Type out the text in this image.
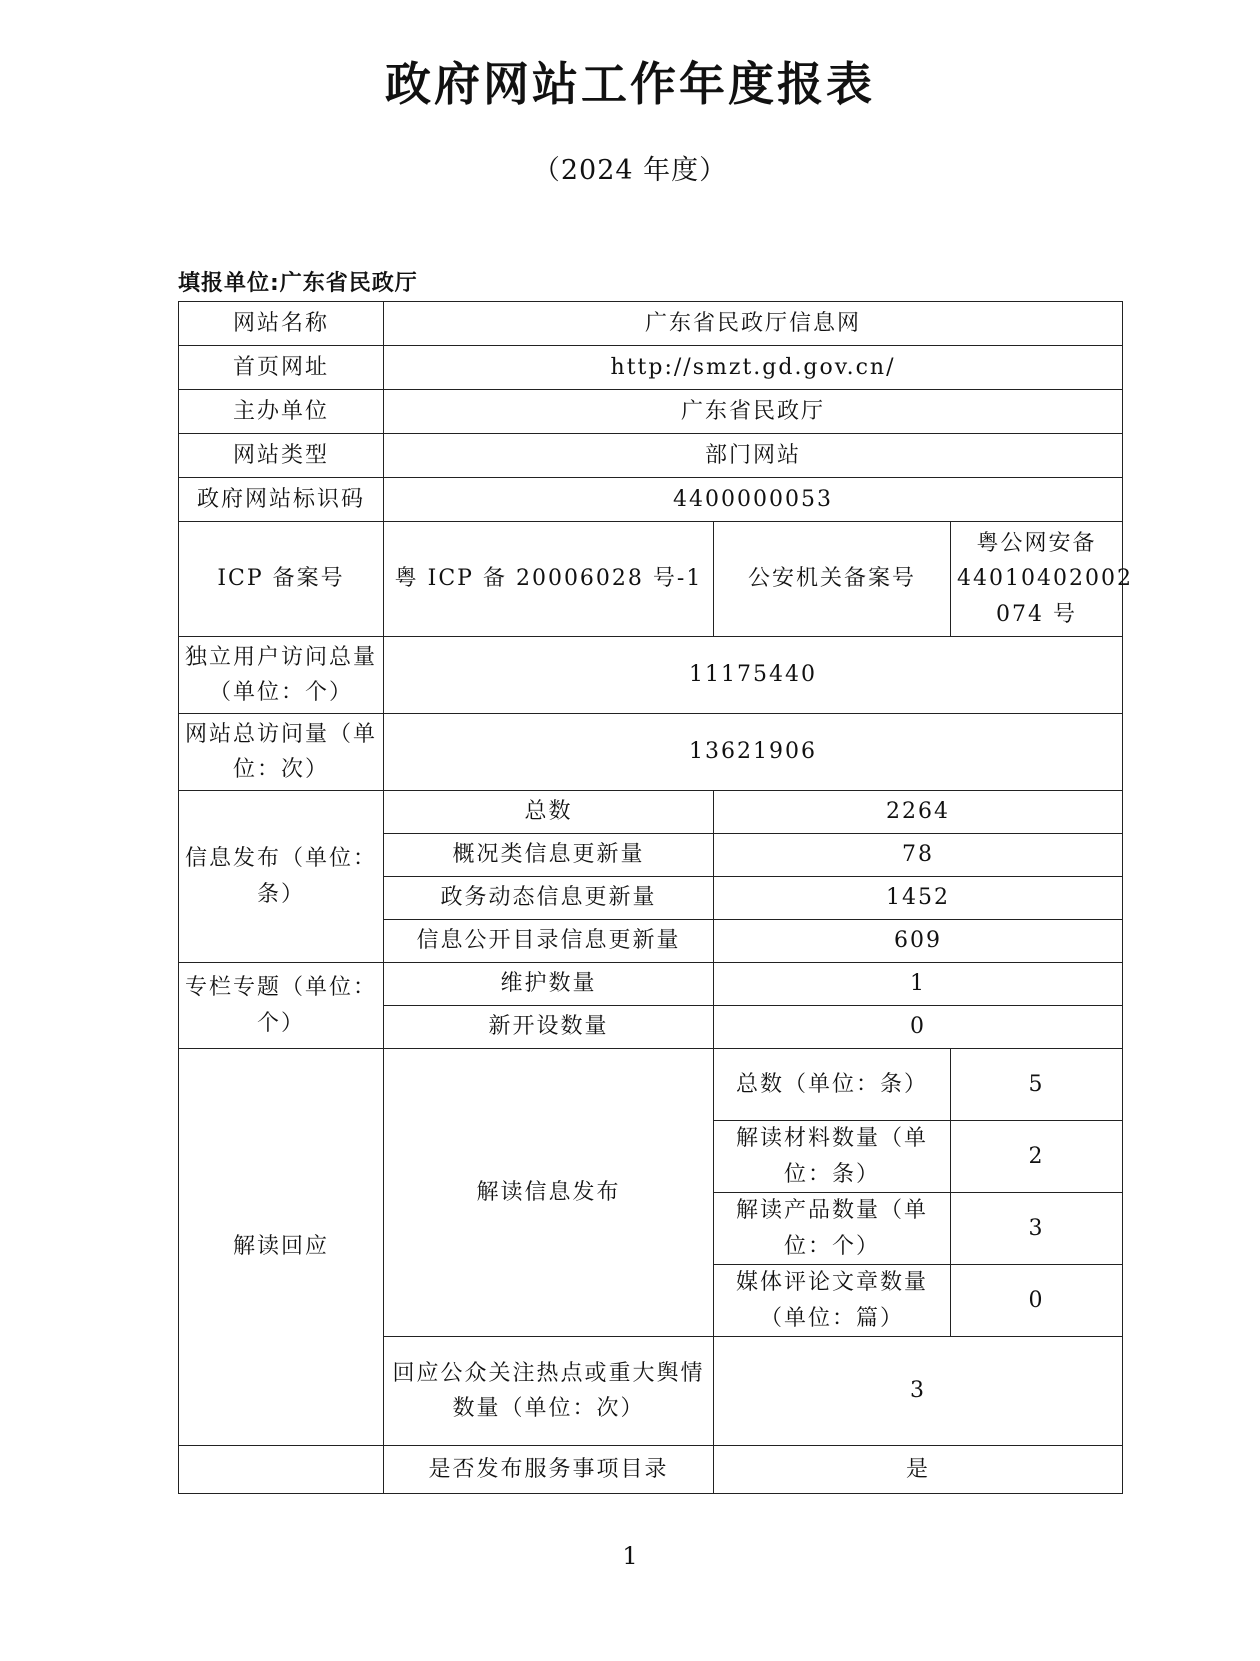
政府网站工作年度报表
（2024 年度）
填报单位:广东省民政厅
网站名称	广东省民政厅信息网		
首页网址	http://smzt.gd.gov.cn/		
主办单位	广东省民政厅		
网站类型	部门网站		
政府网站标识码	4400000053		
ICP 备案号	粤 ICP 备 20006028 号-1	公安机关备案号	粤公网安备 44010402002 074 号
独立用户访问总量（单位：个）	11175440		
网站总访问量（单位：次）	13621906		
信息发布（单位：条）	总数	2264	
	概况类信息更新量	78	
	政务动态信息更新量	1452	
	信息公开目录信息更新量	609	
专栏专题（单位：个）	维护数量	1	
	新开设数量	0	
解读回应	解读信息发布	总数（单位：条）	5
		解读材料数量（单位：条）	2
		解读产品数量（单位：个）	3
		媒体评论文章数量（单位：篇）	0
	回应公众关注热点或重大舆情数量（单位：次）	3	
	是否发布服务事项目录	是	
1
